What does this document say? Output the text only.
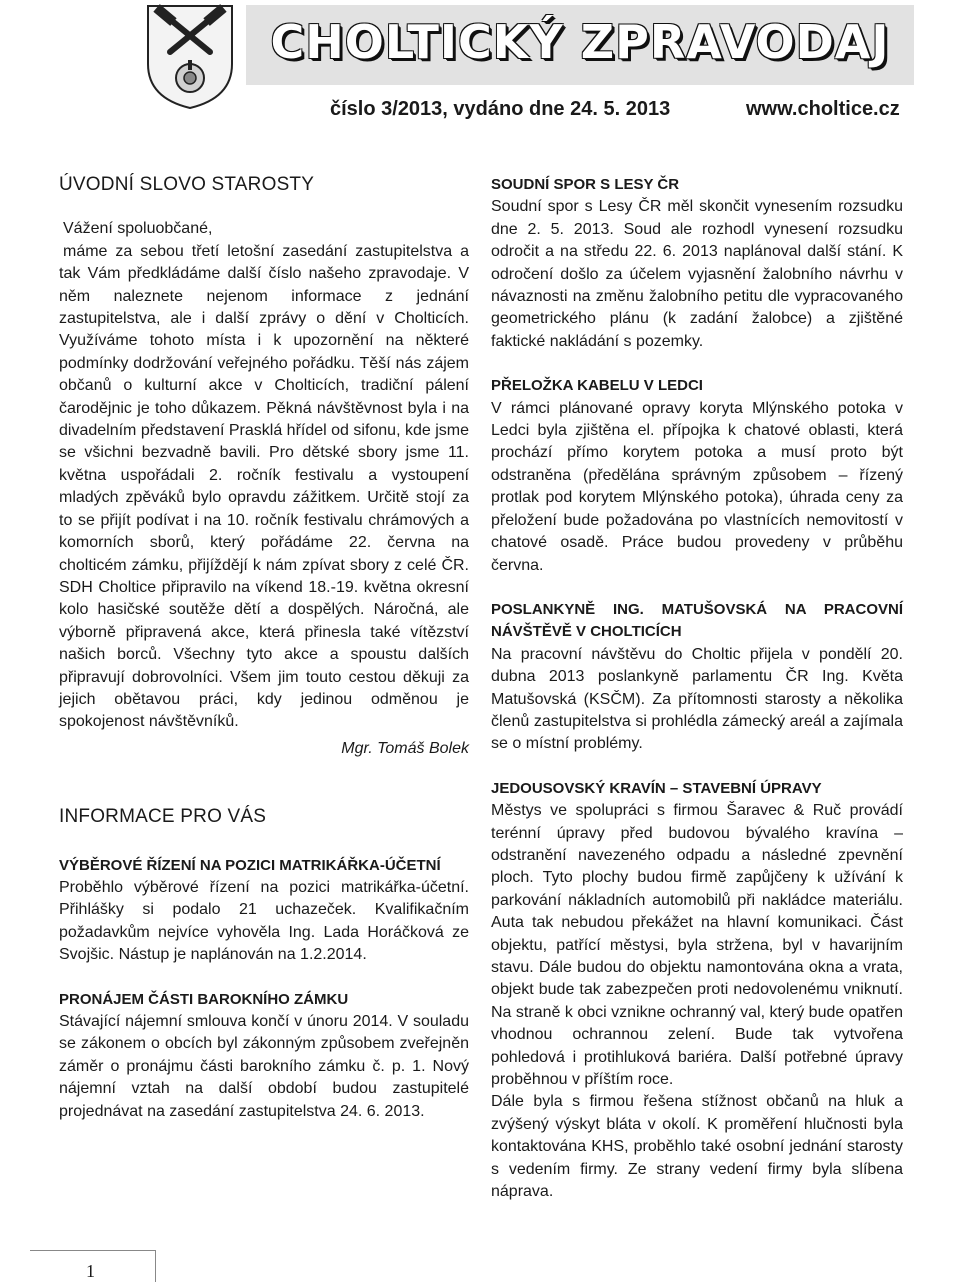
CHOLTICKÝ ZPRAVODAJ
číslo 3/2013, vydáno dne 24. 5. 2013	www.choltice.cz
ÚVODNÍ SLOVO STAROSTY

Vážení spoluobčané,

máme za sebou třetí letošní zasedání zastupitelstva a tak Vám předkládáme další číslo našeho zpravodaje. V něm naleznete nejenom informace z jednání zastupitelstva, ale i další zprávy o dění v Cholticích. Využíváme tohoto místa i k upozornění na některé podmínky dodržování veřejného pořádku. Těší nás zájem občanů o kulturní akce v Cholticích, tradiční pálení čarodějnic je toho důkazem. Pěkná návštěvnost byla i na divadelním představení Prasklá hřídel od sifonu, kde jsme se všichni bezvadně bavili. Pro dětské sbory jsme 11. května uspořádali 2. ročník festivalu a vystoupení mladých zpěváků bylo opravdu zážitkem. Určitě stojí za to se přijít podívat i na 10. ročník festivalu chrámových a komorních sborů, který pořádáme 22. června na cholticém zámku, přijíždějí k nám zpívat sbory z celé ČR. SDH Choltice připravilo na víkend 18.-19. května okresní kolo hasičské soutěže dětí a dospělých. Náročná, ale výborně připravená akce, která přinesla také vítězství našich borců. Všechny tyto akce a spoustu dalších připravují dobrovolníci. Všem jim touto cestou děkuji za jejich obětavou práci, kdy jedinou odměnou je spokojenost návštěvníků.

Mgr. Tomáš Bolek
INFORMACE PRO VÁS
VÝBĚROVÉ ŘÍZENÍ NA POZICI MATRIKÁŘKA-ÚČETNÍ

Proběhlo výběrové řízení na pozici matrikářka-účetní. Přihlášky si podalo 21 uchazeček. Kvalifikačním požadavkům nejvíce vyhověla Ing. Lada Horáčková ze Svojšic. Nástup je naplánován na 1.2.2014.

PRONÁJEM ČÁSTI BAROKNÍHO ZÁMKU

Stávající nájemní smlouva končí v únoru 2014. V souladu se zákonem o obcích byl zákonným způsobem zveřejněn záměr o pronájmu části barokního zámku č. p. 1. Nový nájemní vztah na další období budou zastupitelé projednávat na zasedání zastupitelstva 24. 6. 2013.

SOUDNÍ SPOR S LESY ČR

Soudní spor s Lesy ČR měl skončit vynesením rozsudku dne 2. 5. 2013. Soud ale rozhodl vynesení rozsudku odročit a na středu 22. 6. 2013 naplánoval další stání. K odročení došlo za účelem vyjasnění žalobního návrhu v návaznosti na změnu žalobního petitu dle vypracovaného geometrického plánu (k zadání žalobce) a zjištěné faktické nakládání s pozemky.

PŘELOŽKA KABELU V LEDCI

V rámci plánované opravy koryta Mlýnského potoka v Ledci byla zjištěna el. přípojka k chatové oblasti, která prochází přímo korytem potoka a musí proto být odstraněna (předělána správným způsobem – řízený protlak pod korytem Mlýnského potoka), úhrada ceny za přeložení bude požadována po vlastnících nemovitostí v chatové osadě. Práce budou provedeny v průběhu června.

POSLANKYNĚ ING. MATUŠOVSKÁ NA PRACOVNÍ NÁVŠTĚVĚ V CHOLTICÍCH

Na pracovní návštěvu do Choltic přijela v pondělí 20. dubna 2013 poslankyně parlamentu ČR Ing. Květa Matušovská (KSČM). Za přítomnosti starosty a několika členů zastupitelstva si prohlédla zámecký areál a zajímala se o místní problémy.

JEDOUSOVSKÝ KRAVÍN – STAVEBNÍ ÚPRAVY

Městys ve spolupráci s firmou Šaravec & Ruč provádí terénní úpravy před budovou bývalého kravína – odstranění navezeného odpadu a následné zpevnění ploch. Tyto plochy budou firmě zapůjčeny k užívání k parkování nákladních automobilů při nakládce materiálu. Auta tak nebudou překážet na hlavní komunikaci. Část objektu, patřící městysi, byla stržena, byl v havarijním stavu. Dále budou do objektu namontována okna a vrata, objekt bude tak zabezpečen proti nedovolenému vniknutí. Na straně k obci vznikne ochranný val, který bude opatřen vhodnou ochrannou zelení. Bude tak vytvořena pohledová i protihluková bariéra. Další potřebné úpravy proběhnou v příštím roce.

Dále byla s firmou řešena stížnost občanů na hluk a zvýšený výskyt bláta v okolí. K proměření hlučnosti byla kontaktována KHS, proběhlo také osobní jednání starosty s vedením firmy. Ze strany vedení firmy byla slíbena náprava.

1
